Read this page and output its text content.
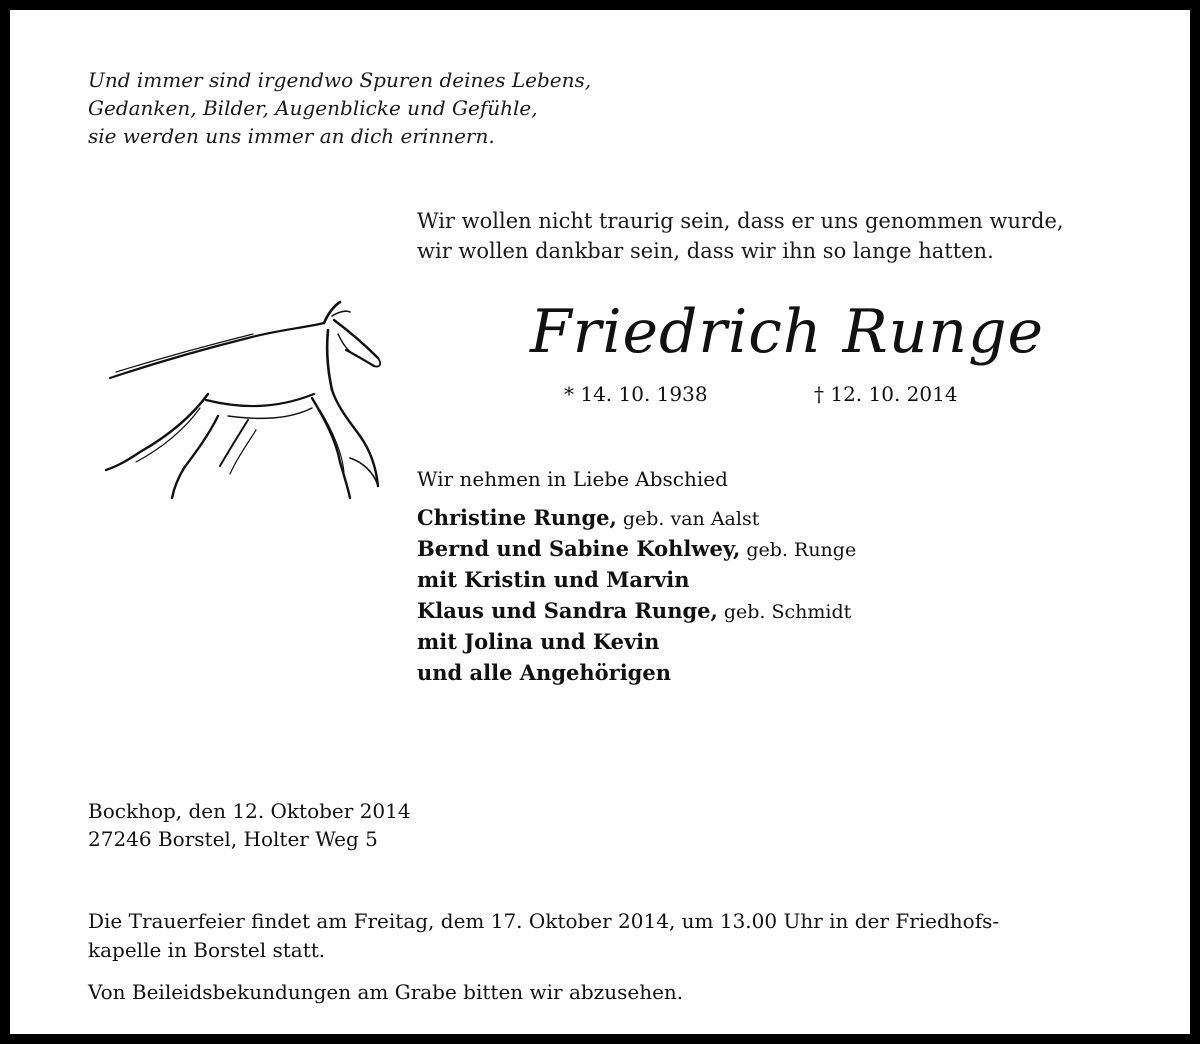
Und immer sind irgendwo Spuren deines Lebens,
Gedanken, Bilder, Augenblicke und Gefühle,
sie werden uns immer an dich erinnern.
Wir wollen nicht traurig sein, dass er uns genommen wurde,
wir wollen dankbar sein, dass wir ihn so lange hatten.
Friedrich Runge
* 14. 10. 1938	† 12. 10. 2014
Wir nehmen in Liebe Abschied
Christine Runge, geb. van Aalst
Bernd und Sabine Kohlwey, geb. Runge
mit Kristin und Marvin
Klaus und Sandra Runge, geb. Schmidt
mit Jolina und Kevin
und alle Angehörigen
Bockhop, den 12. Oktober 2014
27246 Borstel, Holter Weg 5
Die Trauerfeier findet am Freitag, dem 17. Oktober 2014, um 13.00 Uhr in der Friedhofs-
kapelle in Borstel statt.
Von Beileidsbekundungen am Grabe bitten wir abzusehen.
